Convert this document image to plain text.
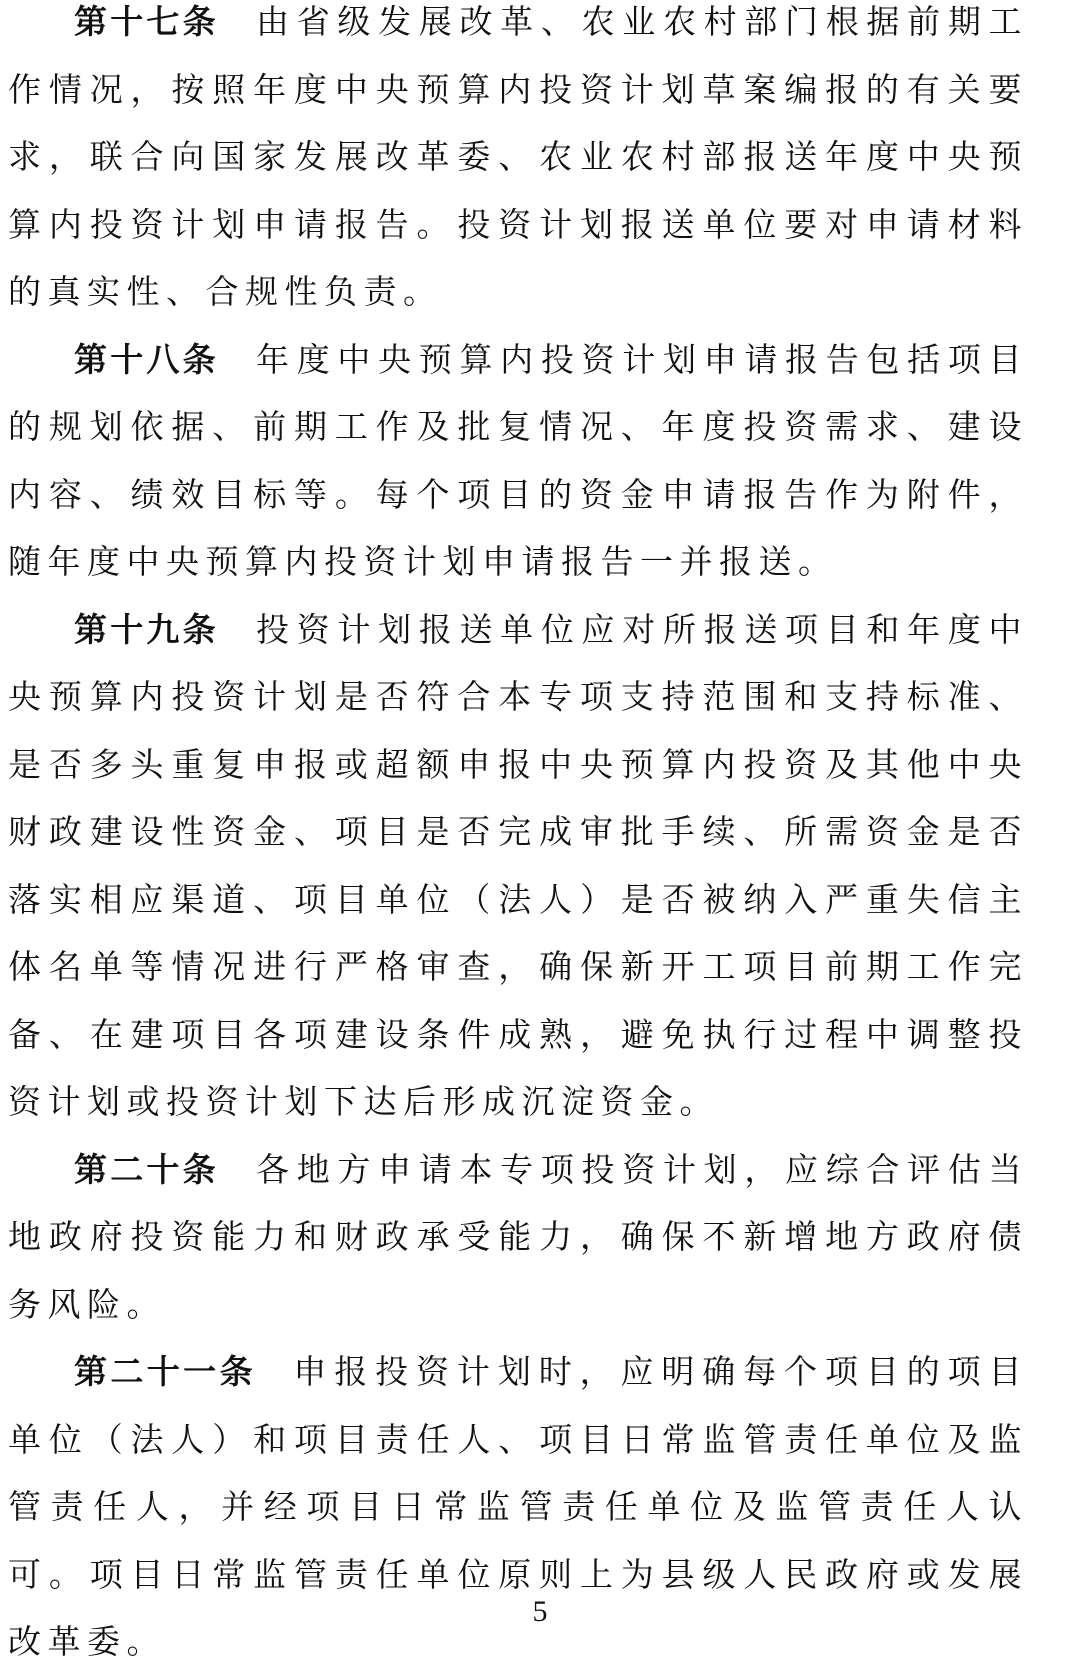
第十七条 由省级发展改革、农业农村部门根据前期工作情况，按照年度中央预算内投资计划草案编报的有关要求，联合向国家发展改革委、农业农村部报送年度中央预算内投资计划申请报告。投资计划报送单位要对申请材料的真实性、合规性负责。

第十八条 年度中央预算内投资计划申请报告包括项目的规划依据、前期工作及批复情况、年度投资需求、建设内容、绩效目标等。每个项目的资金申请报告作为附件，随年度中央预算内投资计划申请报告一并报送。

第十九条 投资计划报送单位应对所报送项目和年度中央预算内投资计划是否符合本专项支持范围和支持标准、是否多头重复申报或超额申报中央预算内投资及其他中央财政建设性资金、项目是否完成审批手续、所需资金是否落实相应渠道、项目单位（法人）是否被纳入严重失信主体名单等情况进行严格审查，确保新开工项目前期工作完备、在建项目各项建设条件成熟，避免执行过程中调整投资计划或投资计划下达后形成沉淀资金。

第二十条 各地方申请本专项投资计划，应综合评估当地政府投资能力和财政承受能力，确保不新增地方政府债务风险。

第二十一条 申报投资计划时，应明确每个项目的项目单位（法人）和项目责任人、项目日常监管责任单位及监管责任人，并经项目日常监管责任单位及监管责任人认可。项目日常监管责任单位原则上为县级人民政府或发展改革委。

5
